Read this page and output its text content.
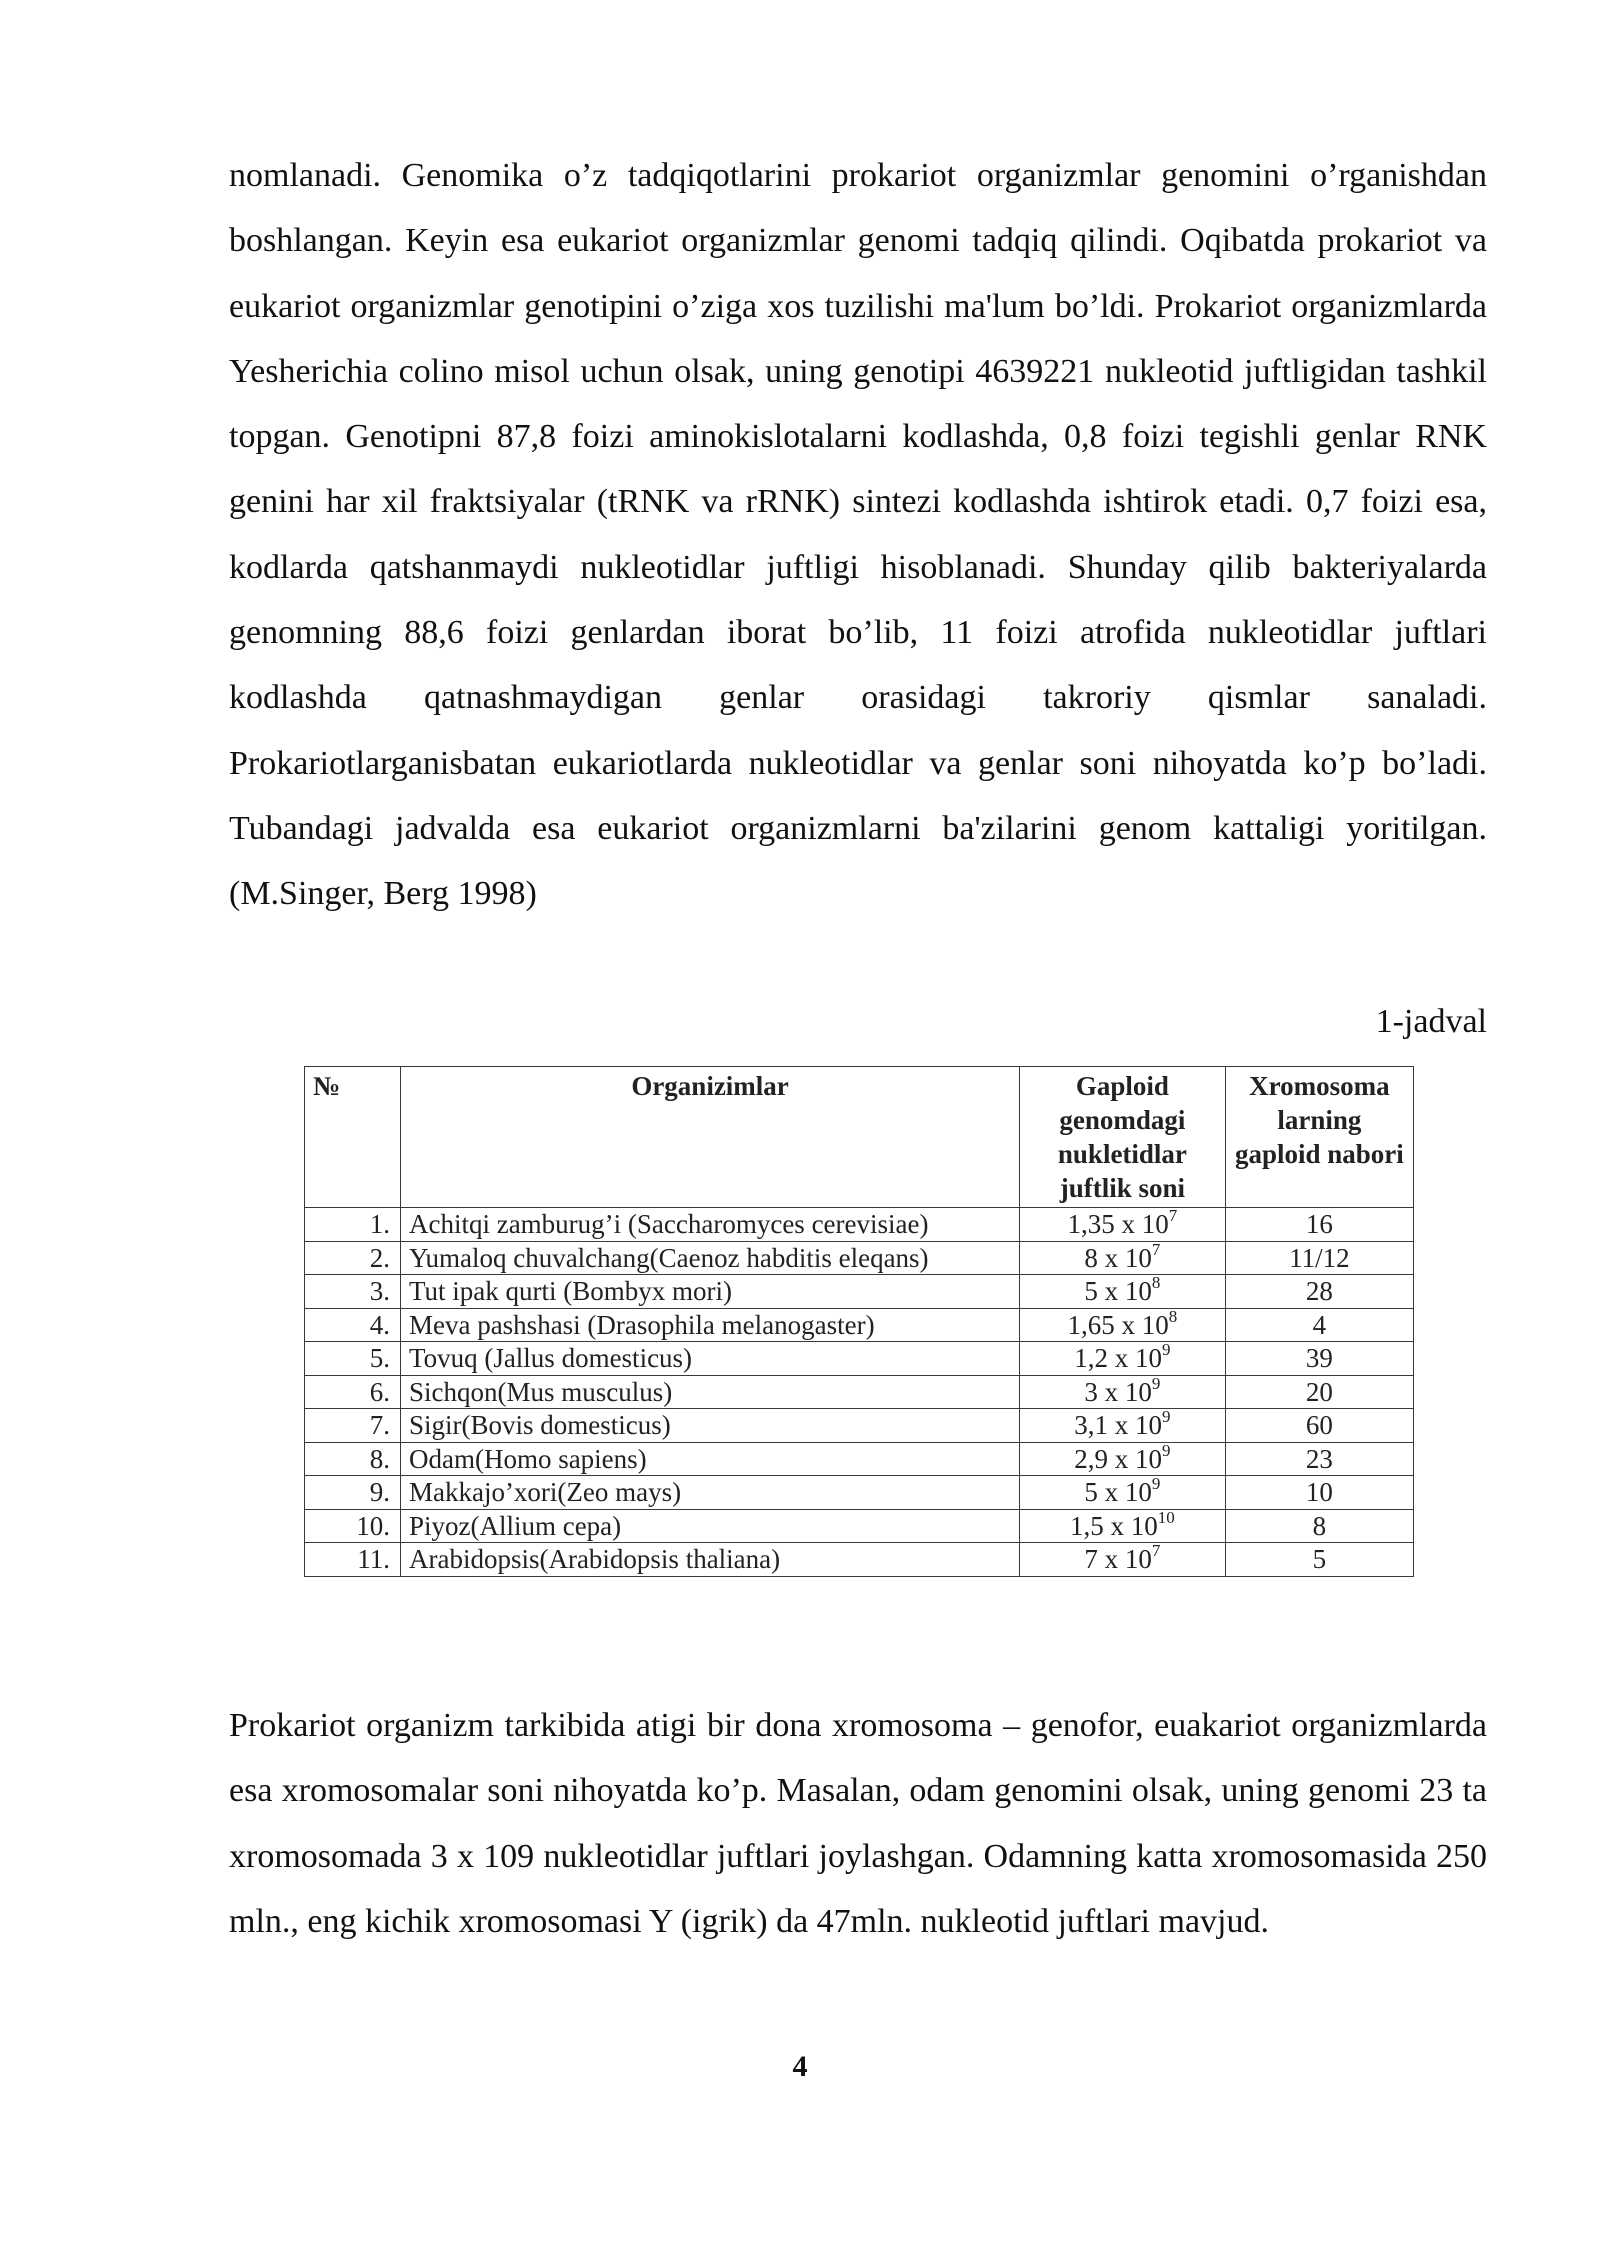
nomlanadi. Genomika o’z tadqiqotlarini prokariot organizmlar genomini o’rganishdan boshlangan. Keyin esa eukariot organizmlar genomi tadqiq qilindi. Oqibatda prokariot va eukariot organizmlar genotipini o’ziga xos tuzilishi ma'lum bo’ldi. Prokariot organizmlarda Yesherichia colino misol uchun olsak, uning genotipi 4639221 nukleotid juftligidan tashkil topgan. Genotipni 87,8 foizi aminokislotalarni kodlashda, 0,8 foizi tegishli genlar RNK genini har xil fraktsiyalar (tRNK va rRNK) sintezi kodlashda ishtirok etadi. 0,7 foizi esa, kodlarda qatshanmaydi nukleotidlar juftligi hisoblanadi. Shunday qilib bakteriyalarda genomning 88,6 foizi genlardan iborat bo’lib, 11 foizi atrofida nukleotidlar juftlari kodlashda qatnashmaydigan genlar orasidagi takroriy qismlar sanaladi. Prokariotlarganisbatan eukariotlarda nukleotidlar va genlar soni nihoyatda ko’p bo’ladi. Tubandagi jadvalda esa eukariot organizmlarni ba'zilarini genom kattaligi yoritilgan. (M.Singer, Berg 1998)
1-jadval
№	Organizimlar	Gaploid genomdagi nukletidlar juftlik soni	Xromosoma larning gaploid nabori
1.	Achitqi zamburug’i (Saccharomyces cerevisiae)	1,35 x $10^7$	16
2.	Yumaloq chuvalchang(Caenoz habditis eleqans)	8 x $10^7$	11/12
3.	Tut ipak qurti (Bombyx mori)	5 x $10^8$	28
4.	Meva pashshasi (Drasophila melanogaster)	1,65 x $10^8$	4
5.	Tovuq (Jallus domesticus)	1,2 x $10^9$	39
6.	Sichqon(Mus musculus)	3 x $10^9$	20
7.	Sigir(Bovis domesticus)	3,1 x $10^9$	60
8.	Odam(Homo sapiens)	2,9 x $10^9$	23
9.	Makkajo’xori(Zeo mays)	5 x $10^9$	10
10.	Piyoz(Allium cepa)	1,5 x $10^{10}$	8
11.	Arabidopsis(Arabidopsis thaliana)	7 x $10^7$	5
Prokariot organizm tarkibida atigi bir dona xromosoma – genofor, euakariot organizmlarda esa xromosomalar soni nihoyatda ko’p. Masalan, odam genomini olsak, uning genomi 23 ta xromosomada 3 x 109 nukleotidlar juftlari joylashgan. Odamning katta xromosomasida 250 mln., eng kichik xromosomasi Y (igrik) da 47mln. nukleotid juftlari mavjud.
4
